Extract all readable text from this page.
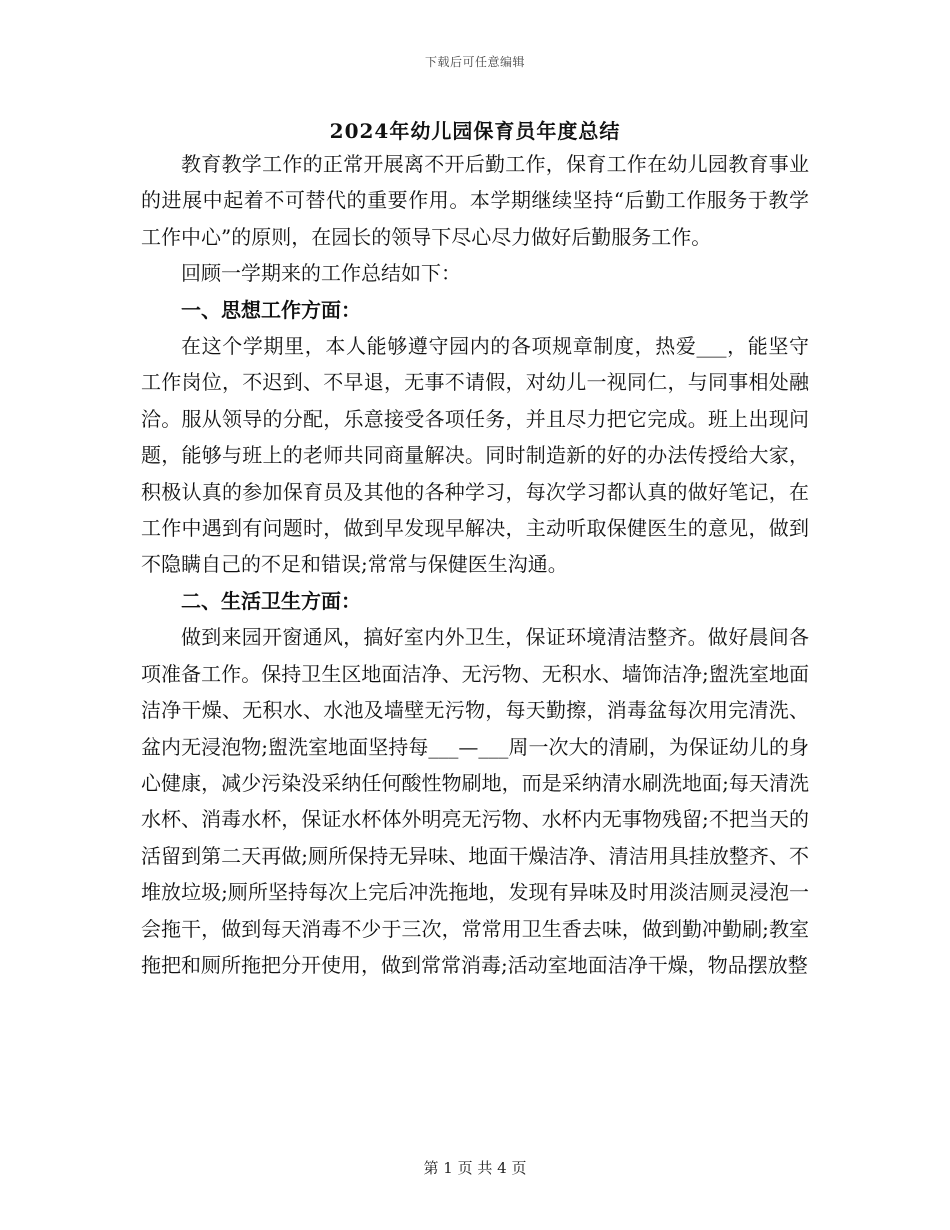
下载后可任意编辑
2024年幼儿园保育员年度总结

教育教学工作的正常开展离不开后勤工作，保育工作在幼儿园教育事业的进展中起着不可替代的重要作用。本学期继续坚持“后勤工作服务于教学工作中心”的原则，在园长的领导下尽心尽力做好后勤服务工作。

回顾一学期来的工作总结如下：

一、思想工作方面：

在这个学期里，本人能够遵守园内的各项规章制度，热爱___，能坚守工作岗位，不迟到、不早退，无事不请假，对幼儿一视同仁，与同事相处融洽。服从领导的分配，乐意接受各项任务，并且尽力把它完成。班上出现问题，能够与班上的老师共同商量解决。同时制造新的好的办法传授给大家，积极认真的参加保育员及其他的各种学习，每次学习都认真的做好笔记，在工作中遇到有问题时，做到早发现早解决，主动听取保健医生的意见，做到不隐瞒自己的不足和错误;常常与保健医生沟通。

二、生活卫生方面：

做到来园开窗通风，搞好室内外卫生，保证环境清洁整齐。做好晨间各项准备工作。保持卫生区地面洁净、无污物、无积水、墙饰洁净;盥洗室地面洁净干燥、无积水、水池及墙壁无污物，每天勤擦，消毒盆每次用完清洗、盆内无浸泡物;盥洗室地面坚持每___—___周一次大的清刷，为保证幼儿的身心健康，减少污染没采纳任何酸性物刷地，而是采纳清水刷洗地面;每天清洗水杯、消毒水杯，保证水杯体外明亮无污物、水杯内无事物残留;不把当天的活留到第二天再做;厕所保持无异味、地面干燥洁净、清洁用具挂放整齐、不堆放垃圾;厕所坚持每次上完后冲洗拖地，发现有异味及时用淡洁厕灵浸泡一会拖干，做到每天消毒不少于三次，常常用卫生香去味，做到勤冲勤刷;教室拖把和厕所拖把分开使用，做到常常消毒;活动室地面洁净干燥，物品摆放整

第 1 页 共 4 页
